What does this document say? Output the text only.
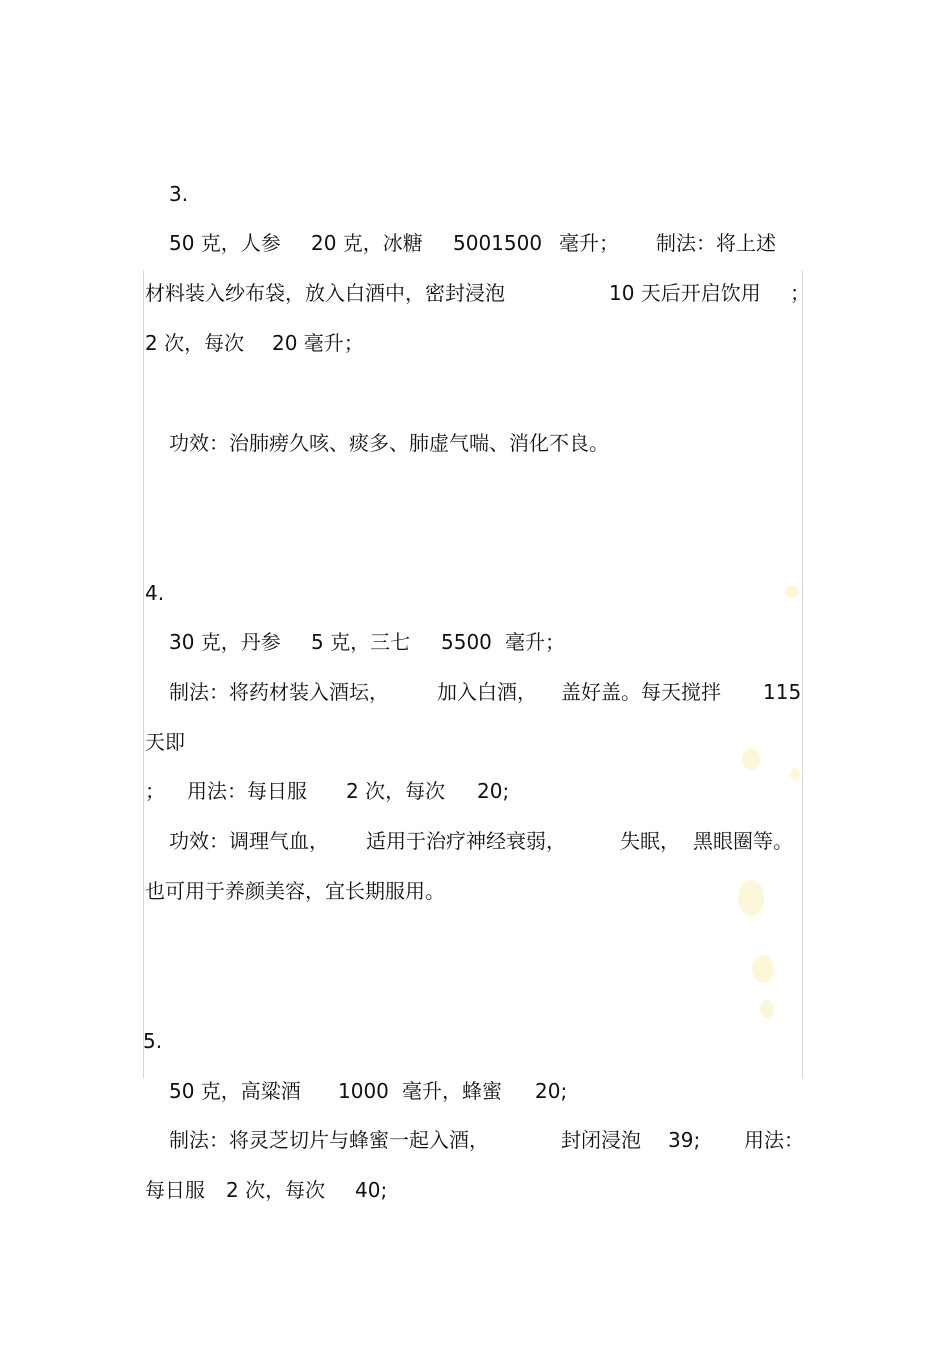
3.

50 克，人参

20 克，冰糖

5001500

毫升；

制法：将上述

材料装入纱布袋，放入白酒中，密封浸泡

	10 天后开启饮用

；

2 次，每次

20 毫升；

功效：治肺痨久咳、痰多、肺虚气喘、消化不良。

4.

30 克，丹参

5 克，三七

5500

毫升；

制法：将药材装入酒坛，

加入白酒，

盖好盖。每天搅拌

115

天即

；

用法：每日服

2 次，每次

20;

功效：调理气血，

适用于治疗神经衰弱，

	失眠，

黑眼圈等。

也可用于养颜美容，宜长期服用。

5.

50 克，高粱酒

1000

毫升，蜂蜜

20;

制法：将灵芝切片与蜂蜜一起入酒，

	封闭浸泡

39;

用法：

每日服

2 次，每次

40;
